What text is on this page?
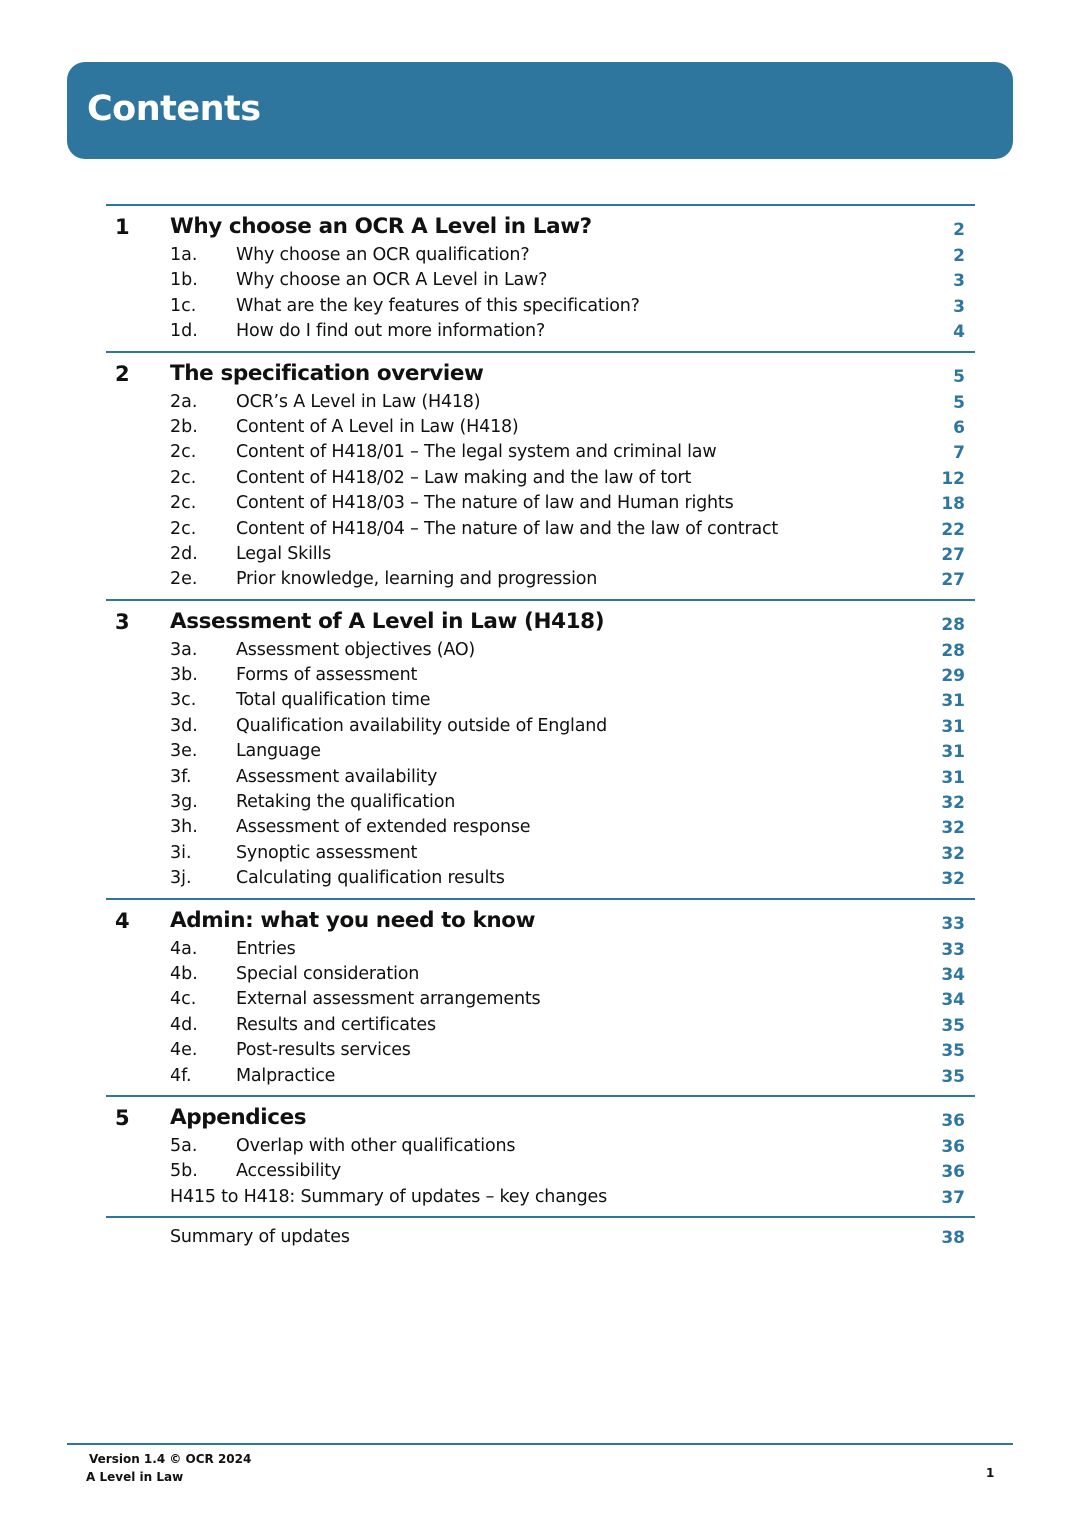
Contents
1 Why choose an OCR A Level in Law?	2
1a. Why choose an OCR qualification?	2
1b. Why choose an OCR A Level in Law?	3
1c. What are the key features of this specification?	3
1d. How do I find out more information?	4
2 The specification overview	5
2a. OCR’s A Level in Law (H418)	5
2b. Content of A Level in Law (H418)	6
2c. Content of H418/01 – The legal system and criminal law	7
2c. Content of H418/02 – Law making and the law of tort	12
2c. Content of H418/03 – The nature of law and Human rights	18
2c. Content of H418/04 – The nature of law and the law of contract	22
2d. Legal Skills	27
2e. Prior knowledge, learning and progression	27
3 Assessment of A Level in Law (H418)	28
3a. Assessment objectives (AO)	28
3b. Forms of assessment	29
3c. Total qualification time	31
3d. Qualification availability outside of England	31
3e. Language	31
3f.	Assessment availability	31
3g. Retaking the qualification	32
3h. Assessment of extended response	32
3i.	Synoptic assessment	32
3j.	Calculating qualification results	32
4 Admin: what you need to know	33
4a. Entries	33
4b. Special consideration	34
4c. External assessment arrangements	34
4d. Results and certificates	35
4e. Post-results services	35
4f.	Malpractice	35
5 Appendices	36
5a. Overlap with other qualifications	36
5b. Accessibility	36
H415 to H418: Summary of updates – key changes	37
Summary of updates	38
Version 1.4 © OCR 2024
A Level in Law	1
